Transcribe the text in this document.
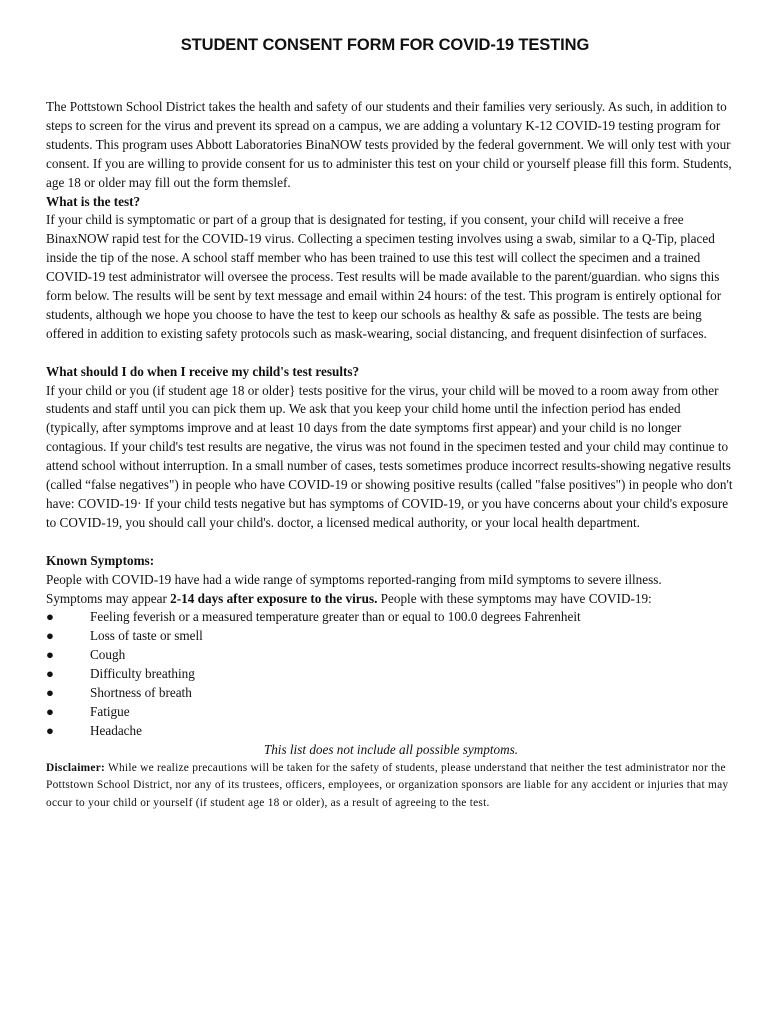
STUDENT CONSENT FORM FOR COVID-19 TESTING

The Pottstown School District takes the health and safety of our students and their families very seriously. As such, in addition to steps to screen for the virus and prevent its spread on a campus, we are adding a voluntary K-12 COVID-19 testing program for students. This program uses Abbott Laboratories BinaNOW tests provided by the federal government. We will only test with your consent. If you are willing to provide consent for us to administer this test on your child or yourself please fill this form. Students, age 18 or older may fill out the form themslef.

What is the test?

If your child is symptomatic or part of a group that is designated for testing, if you consent, your chiId will receive a free BinaxNOW rapid test for the COVID-19 virus. Collecting a specimen testing involves using a swab, similar to a Q-Tip, placed inside the tip of the nose. A school staff member who has been trained to use this test will collect the specimen and a trained COVID-19 test administrator will oversee the process. Test results will be made available to the parent/guardian. who signs this form below. The results will be sent by text message and email within 24 hours: of the test. This program is entirely optional for students, although we hope you choose to have the test to keep our schools as healthy & safe as possible. The tests are being offered in addition to existing safety protocols such as mask-wearing, social distancing, and frequent disinfection of surfaces.

What should I do when I receive my child's test results?

If your child or you (if student age 18 or older} tests positive for the virus, your child will be moved to a room away from other students and staff until you can pick them up. We ask that you keep your child home until the infection period has ended (typically, after symptoms improve and at least 10 days from the date symptoms first appear) and your child is no longer contagious. If your child's test results are negative, the virus was not found in the specimen tested and your child may continue to attend school without interruption. In a small number of cases, tests sometimes produce incorrect results-showing negative results (called “false negatives") in people who have COVID-19 or showing positive results (called "false positives") in people who don't have: COVID-19· If your child tests negative but has symptoms of COVID-19, or you have concerns about your child's exposure to COVID-19, you should call your child's. doctor, a licensed medical authority, or your local health department.

Known Symptoms:

People with COVID-19 have had a wide range of symptoms reported-ranging from miId symptoms to severe illness.

Symptoms may appear 2-14 days after exposure to the virus. People with these symptoms may have COVID-19:

●	Feeling feverish or a measured temperature greater than or equal to 100.0 degrees Fahrenheit
●	Loss of taste or smell
●	Cough
●	Difficulty breathing
●	Shortness of breath
●	Fatigue
●	Headache

This list does not include all possible symptoms.

Disclaimer: While we realize precautions will be taken for the safety of students, please understand that neither the test administrator nor the Pottstown School District, nor any of its trustees, officers, employees, or organization sponsors are liable for any accident or injuries that may occur to your child or yourself (if student age 18 or older), as a result of agreeing to the test.
